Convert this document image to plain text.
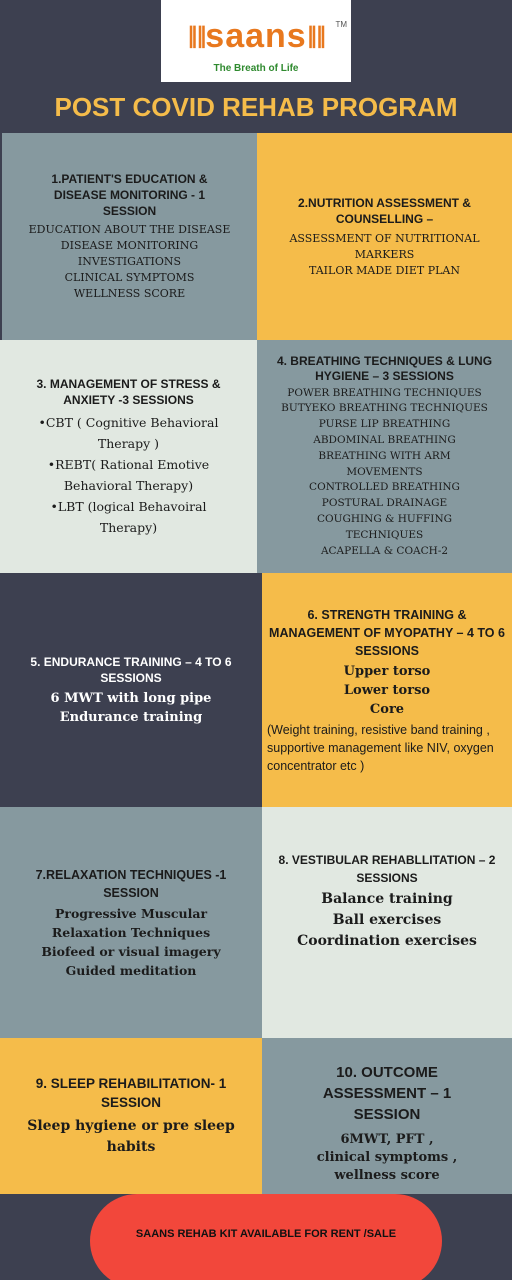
∥∥saans∥∥	TM
The Breath of Life
POST COVID REHAB PROGRAM
1.PATIENT'S EDUCATION & DISEASE MONITORING - 1 SESSION
EDUCATION ABOUT THE DISEASE
DISEASE MONITORING
INVESTIGATIONS
CLINICAL SYMPTOMS
WELLNESS SCORE
2.NUTRITION ASSESSMENT & COUNSELLING –
ASSESSMENT OF NUTRITIONAL MARKERS
TAILOR MADE DIET PLAN
3. MANAGEMENT OF STRESS & ANXIETY -3 SESSIONS
•CBT ( Cognitive Behavioral Therapy )
•REBT( Rational Emotive Behavioral Therapy)
•LBT (logical Behavoiral Therapy)
4. BREATHING TECHNIQUES & LUNG HYGIENE – 3 SESSIONS
POWER BREATHING TECHNIQUES
BUTYEKO BREATHING TECHNIQUES
PURSE LIP BREATHING
ABDOMINAL BREATHING
BREATHING WITH ARM MOVEMENTS
CONTROLLED BREATHING
POSTURAL DRAINAGE
COUGHING & HUFFING TECHNIQUES
ACAPELLA & COACH-2
5. ENDURANCE TRAINING – 4 TO 6 SESSIONS
6 MWT with long pipe
Endurance training
6. STRENGTH TRAINING & MANAGEMENT OF MYOPATHY – 4 TO 6 SESSIONS
Upper torso
Lower torso
Core
(Weight training, resistive band training , supportive management like NIV, oxygen concentrator etc )
7.RELAXATION TECHNIQUES -1 SESSION
Progressive Muscular Relaxation Techniques
Biofeed or visual imagery
Guided meditation
8. VESTIBULAR REHABLLITATION – 2 SESSIONS
Balance training
Ball exercises
Coordination exercises
9. SLEEP REHABILITATION- 1 SESSION
Sleep hygiene or pre sleep habits
10. OUTCOME ASSESSMENT – 1 SESSION
6MWT, PFT , clinical symptoms , wellness score
SAANS REHAB KIT AVAILABLE FOR RENT /SALE
